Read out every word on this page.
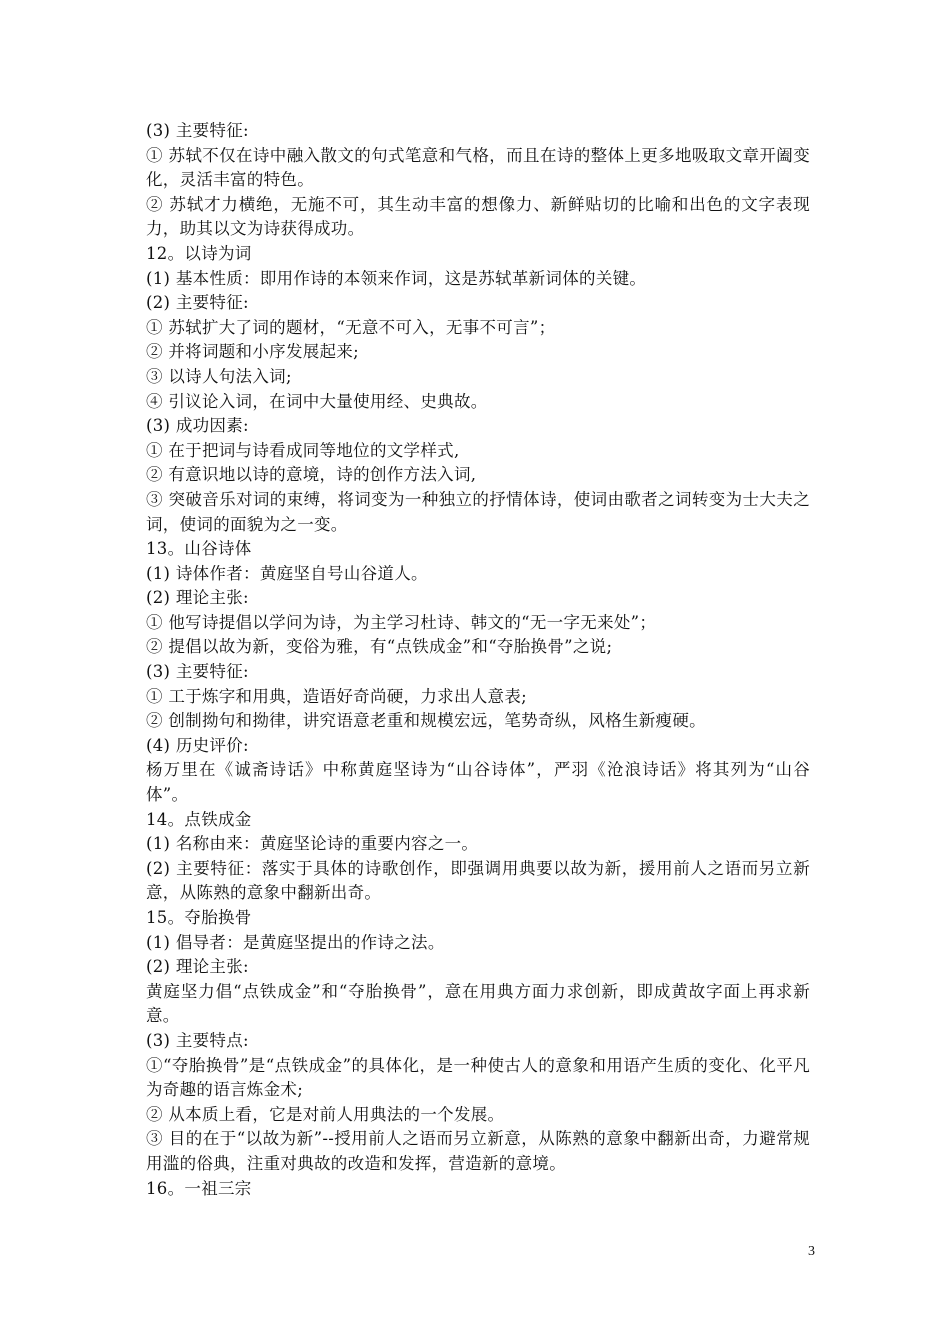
(3) 主要特征:
① 苏轼不仅在诗中融入散文的句式笔意和气格，而且在诗的整体上更多地吸取文章开阖变化，灵活丰富的特色。
② 苏轼才力横绝，无施不可，其生动丰富的想像力、新鲜贴切的比喻和出色的文字表现力，助其以文为诗获得成功。
12。以诗为词
(1) 基本性质：即用作诗的本领来作词，这是苏轼革新词体的关键。
(2) 主要特征:
① 苏轼扩大了词的题材，“无意不可入，无事不可言”；
② 并将词题和小序发展起来;
③ 以诗人句法入词;
④ 引议论入词，在词中大量使用经、史典故。
(3) 成功因素:
① 在于把词与诗看成同等地位的文学样式,
② 有意识地以诗的意境，诗的创作方法入词,
③ 突破音乐对词的束缚，将词变为一种独立的抒情体诗，使词由歌者之词转变为士大夫之词，使词的面貌为之一变。
13。山谷诗体
(1) 诗体作者：黄庭坚自号山谷道人。
(2) 理论主张:
① 他写诗提倡以学问为诗，为主学习杜诗、韩文的“无一字无来处”；
② 提倡以故为新，变俗为雅，有“点铁成金”和“夺胎换骨”之说;
(3) 主要特征:
① 工于炼字和用典，造语好奇尚硬，力求出人意表;
② 创制拗句和拗律，讲究语意老重和规模宏远，笔势奇纵，风格生新瘦硬。
(4) 历史评价:
杨万里在《诚斋诗话》中称黄庭坚诗为“山谷诗体”，严羽《沧浪诗话》将其列为“山谷体”。
14。点铁成金
(1) 名称由来：黄庭坚论诗的重要内容之一。
(2) 主要特征：落实于具体的诗歌创作，即强调用典要以故为新，援用前人之语而另立新意，从陈熟的意象中翻新出奇。
15。夺胎换骨
(1) 倡导者：是黄庭坚提出的作诗之法。
(2) 理论主张:
黄庭坚力倡“点铁成金”和“夺胎换骨”，意在用典方面力求创新，即成黄故字面上再求新意。
(3) 主要特点:
①“夺胎换骨”是“点铁成金”的具体化，是一种使古人的意象和用语产生质的变化、化平凡为奇趣的语言炼金术;
② 从本质上看，它是对前人用典法的一个发展。
③ 目的在于“以故为新”--授用前人之语而另立新意，从陈熟的意象中翻新出奇，力避常规用滥的俗典，注重对典故的改造和发挥，营造新的意境。
16。一祖三宗
3
